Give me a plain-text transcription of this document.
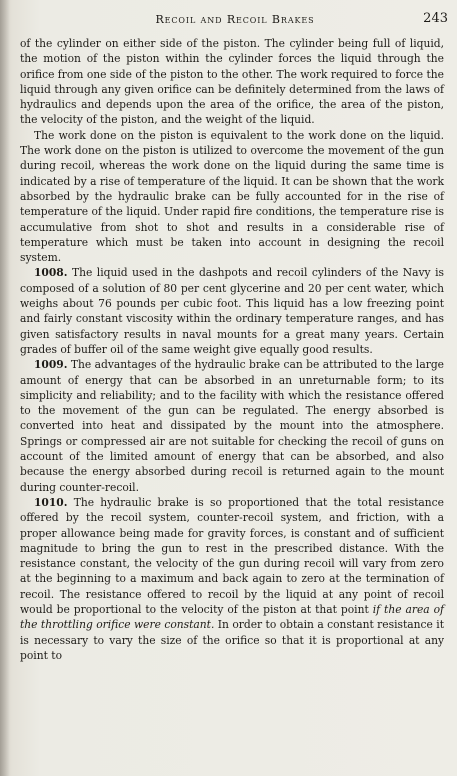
Recoil and Recoil Brakes	243

of the cylinder on either side of the piston. The cylinder being full of liquid, the motion of the piston within the cylinder forces the liquid through the orifice from one side of the piston to the other. The work required to force the liquid through any given orifice can be definitely determined from the laws of hydraulics and depends upon the area of the orifice, the area of the piston, the velocity of the piston, and the weight of the liquid.

The work done on the piston is equivalent to the work done on the liquid. The work done on the piston is utilized to overcome the movement of the gun during recoil, whereas the work done on the liquid during the same time is indicated by a rise of temperature of the liquid. It can be shown that the work absorbed by the hydraulic brake can be fully accounted for in the rise of temperature of the liquid. Under rapid fire conditions, the temperature rise is accumulative from shot to shot and results in a considerable rise of temperature which must be taken into account in designing the recoil system.

1008. The liquid used in the dashpots and recoil cylinders of the Navy is composed of a solution of 80 per cent glycerine and 20 per cent water, which weighs about 76 pounds per cubic foot. This liquid has a low freezing point and fairly constant viscosity within the ordinary temperature ranges, and has given satisfactory results in naval mounts for a great many years. Certain grades of buffer oil of the same weight give equally good results.

1009. The advantages of the hydraulic brake can be attributed to the large amount of energy that can be absorbed in an unreturnable form; to its simplicity and reliability; and to the facility with which the resistance offered to the movement of the gun can be regulated. The energy absorbed is converted into heat and dissipated by the mount into the atmosphere. Springs or compressed air are not suitable for checking the recoil of guns on account of the limited amount of energy that can be absorbed, and also because the energy absorbed during recoil is returned again to the mount during counter-recoil.

1010. The hydraulic brake is so proportioned that the total resistance offered by the recoil system, counter-recoil system, and friction, with a proper allowance being made for gravity forces, is constant and of sufficient magnitude to bring the gun to rest in the prescribed distance. With the resistance constant, the velocity of the gun during recoil will vary from zero at the beginning to a maximum and back again to zero at the termination of recoil. The resistance offered to recoil by the liquid at any point of recoil would be proportional to the velocity of the piston at that point if the area of the throttling orifice were constant. In order to obtain a constant resistance it is necessary to vary the size of the orifice so that it is proportional at any point to
